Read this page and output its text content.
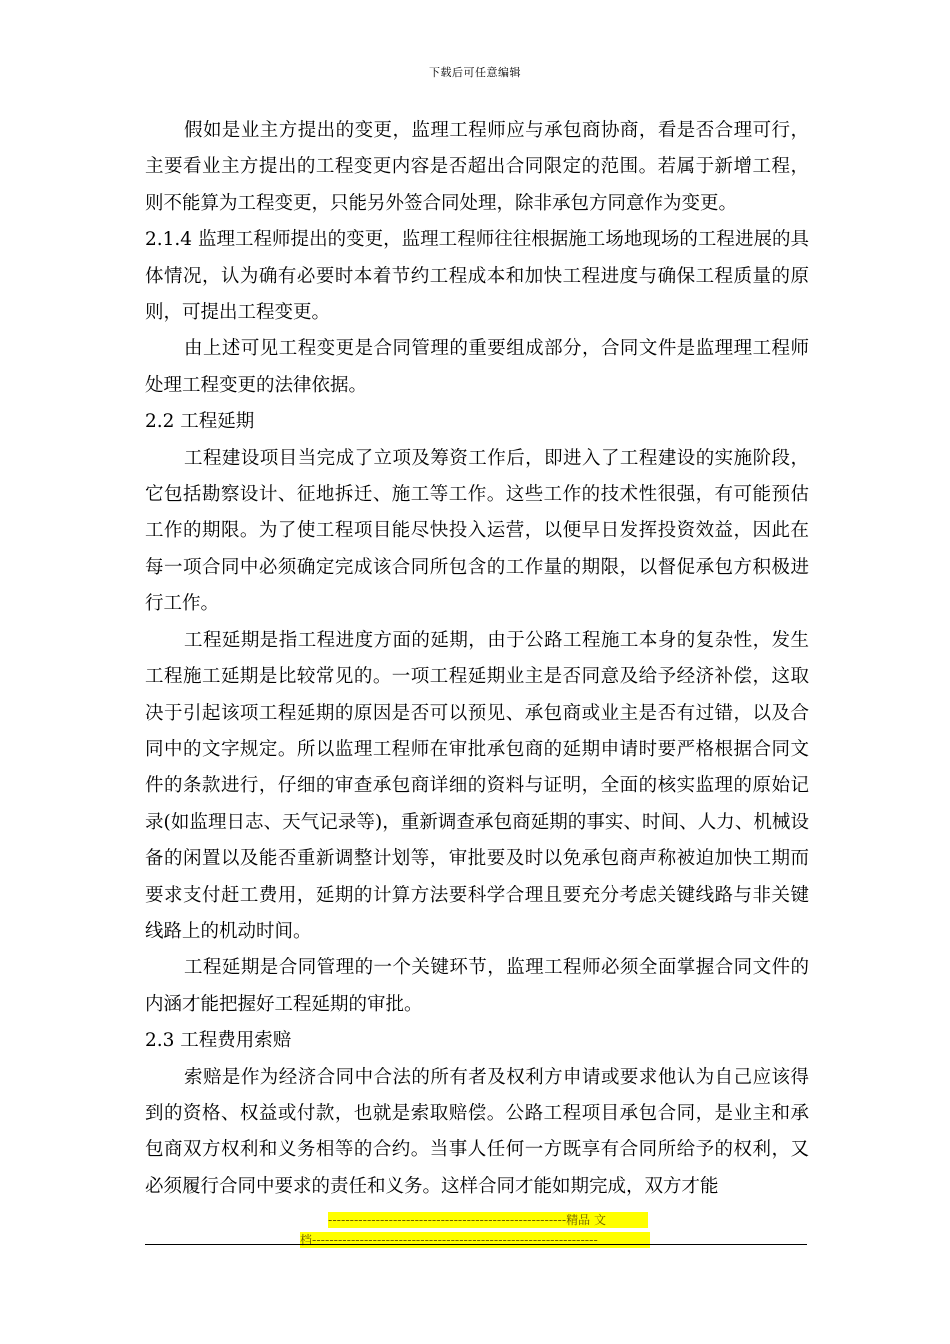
下载后可任意编辑

假如是业主方提出的变更，监理工程师应与承包商协商，看是否合理可行，主要看业主方提出的工程变更内容是否超出合同限定的范围。若属于新增工程，则不能算为工程变更，只能另外签合同处理，除非承包方同意作为变更。

2.1.4 监理工程师提出的变更，监理工程师往往根据施工场地现场的工程进展的具体情况，认为确有必要时本着节约工程成本和加快工程进度与确保工程质量的原则，可提出工程变更。

由上述可见工程变更是合同管理的重要组成部分，合同文件是监理理工程师处理工程变更的法律依据。

2.2 工程延期

工程建设项目当完成了立项及筹资工作后，即进入了工程建设的实施阶段，它包括勘察设计、征地拆迁、施工等工作。这些工作的技术性很强，有可能预估工作的期限。为了使工程项目能尽快投入运营，以便早日发挥投资效益，因此在每一项合同中必须确定完成该合同所包含的工作量的期限，以督促承包方积极进行工作。

工程延期是指工程进度方面的延期，由于公路工程施工本身的复杂性，发生工程施工延期是比较常见的。一项工程延期业主是否同意及给予经济补偿，这取决于引起该项工程延期的原因是否可以预见、承包商或业主是否有过错，以及合同中的文字规定。所以监理工程师在审批承包商的延期申请时要严格根据合同文件的条款进行，仔细的审查承包商详细的资料与证明，全面的核实监理的原始记录(如监理日志、天气记录等)，重新调查承包商延期的事实、时间、人力、机械设备的闲置以及能否重新调整计划等，审批要及时以免承包商声称被迫加快工期而要求支付赶工费用，延期的计算方法要科学合理且要充分考虑关键线路与非关键线路上的机动时间。

工程延期是合同管理的一个关键环节，监理工程师必须全面掌握合同文件的内涵才能把握好工程延期的审批。

2.3 工程费用索赔

索赔是作为经济合同中合法的所有者及权利方申请或要求他认为自己应该得到的资格、权益或付款，也就是索取赔偿。公路工程项目承包合同，是业主和承包商双方权利和义务相等的合约。当事人任何一方既享有合同所给予的权利，又必须履行合同中要求的责任和义务。这样合同才能如期完成，双方才能

-------------------------------------------------------精品 文
档------------------------------------------------------------------
